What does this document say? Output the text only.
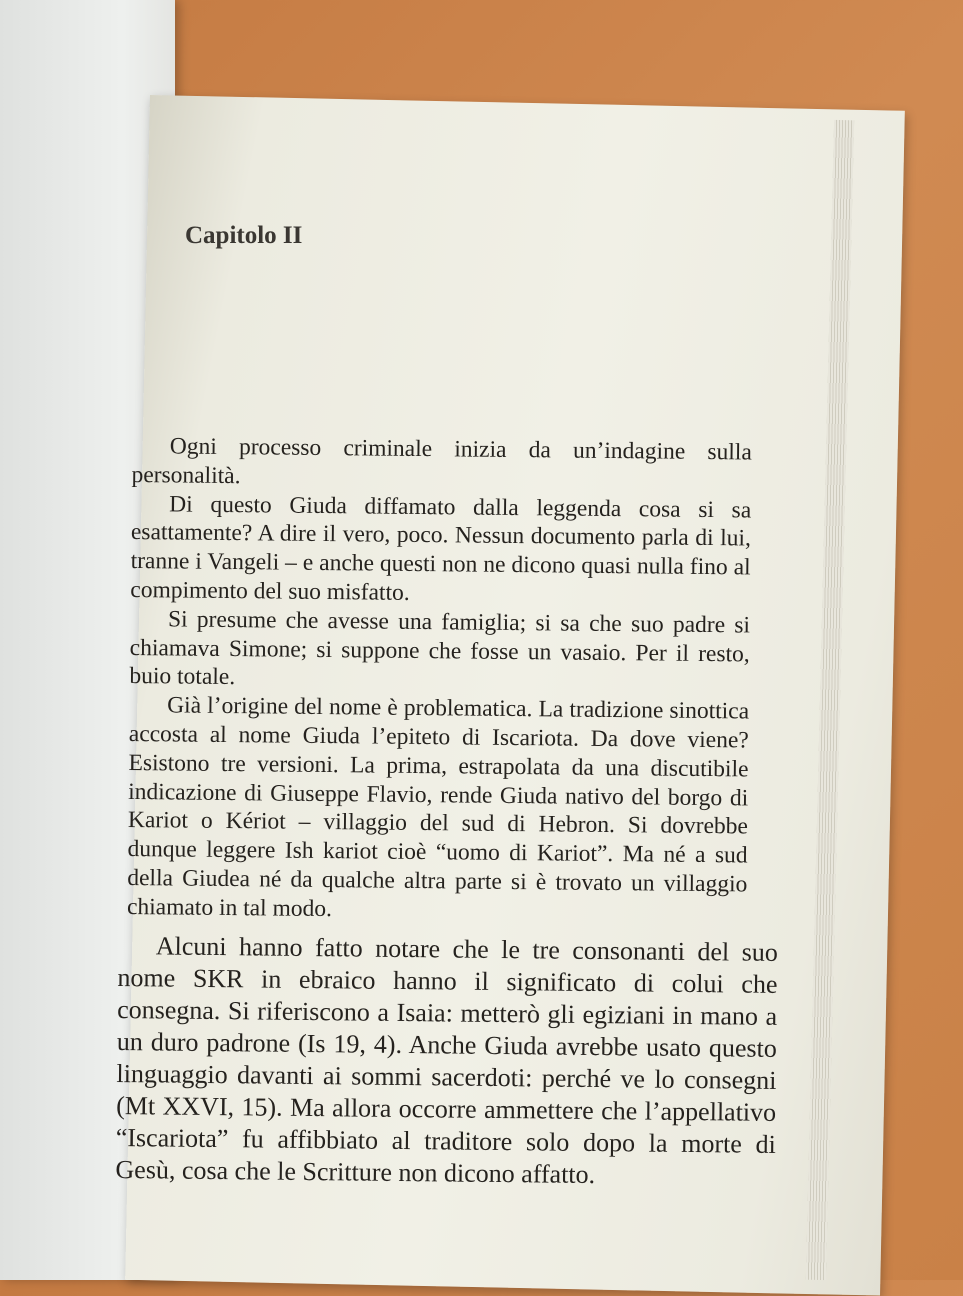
Capitolo II

Ogni processo criminale inizia da un’indagine sulla personalità.

Di questo Giuda diffamato dalla leggenda cosa si sa esattamente? A dire il vero, poco. Nessun documento parla di lui, tranne i Vangeli – e anche questi non ne dicono quasi nulla fino al compimento del suo misfatto.

Si presume che avesse una famiglia; si sa che suo padre si chiamava Simone; si suppone che fosse un vasaio. Per il resto, buio totale.

Già l’origine del nome è problematica. La tradizione sinottica accosta al nome Giuda l’epiteto di Iscariota. Da dove viene? Esistono tre versioni. La prima, estrapolata da una discutibile indicazione di Giuseppe Flavio, rende Giuda nativo del borgo di Kariot o Kériot – villaggio del sud di Hebron. Si dovrebbe dunque leggere Ish kariot cioè “uomo di Kariot”. Ma né a sud della Giudea né da qualche altra parte si è trovato un villaggio chiamato in tal modo.

Alcuni hanno fatto notare che le tre consonanti del suo nome SKR in ebraico hanno il significato di colui che consegna. Si riferiscono a Isaia: metterò gli egiziani in mano a un duro padrone (Is 19, 4). Anche Giuda avrebbe usato questo linguaggio davanti ai sommi sacerdoti: perché ve lo consegni (Mt XXVI, 15). Ma allora occorre ammettere che l’appellativo “Iscariota” fu affibbiato al traditore solo dopo la morte di Gesù, cosa che le Scritture non dicono affatto.
